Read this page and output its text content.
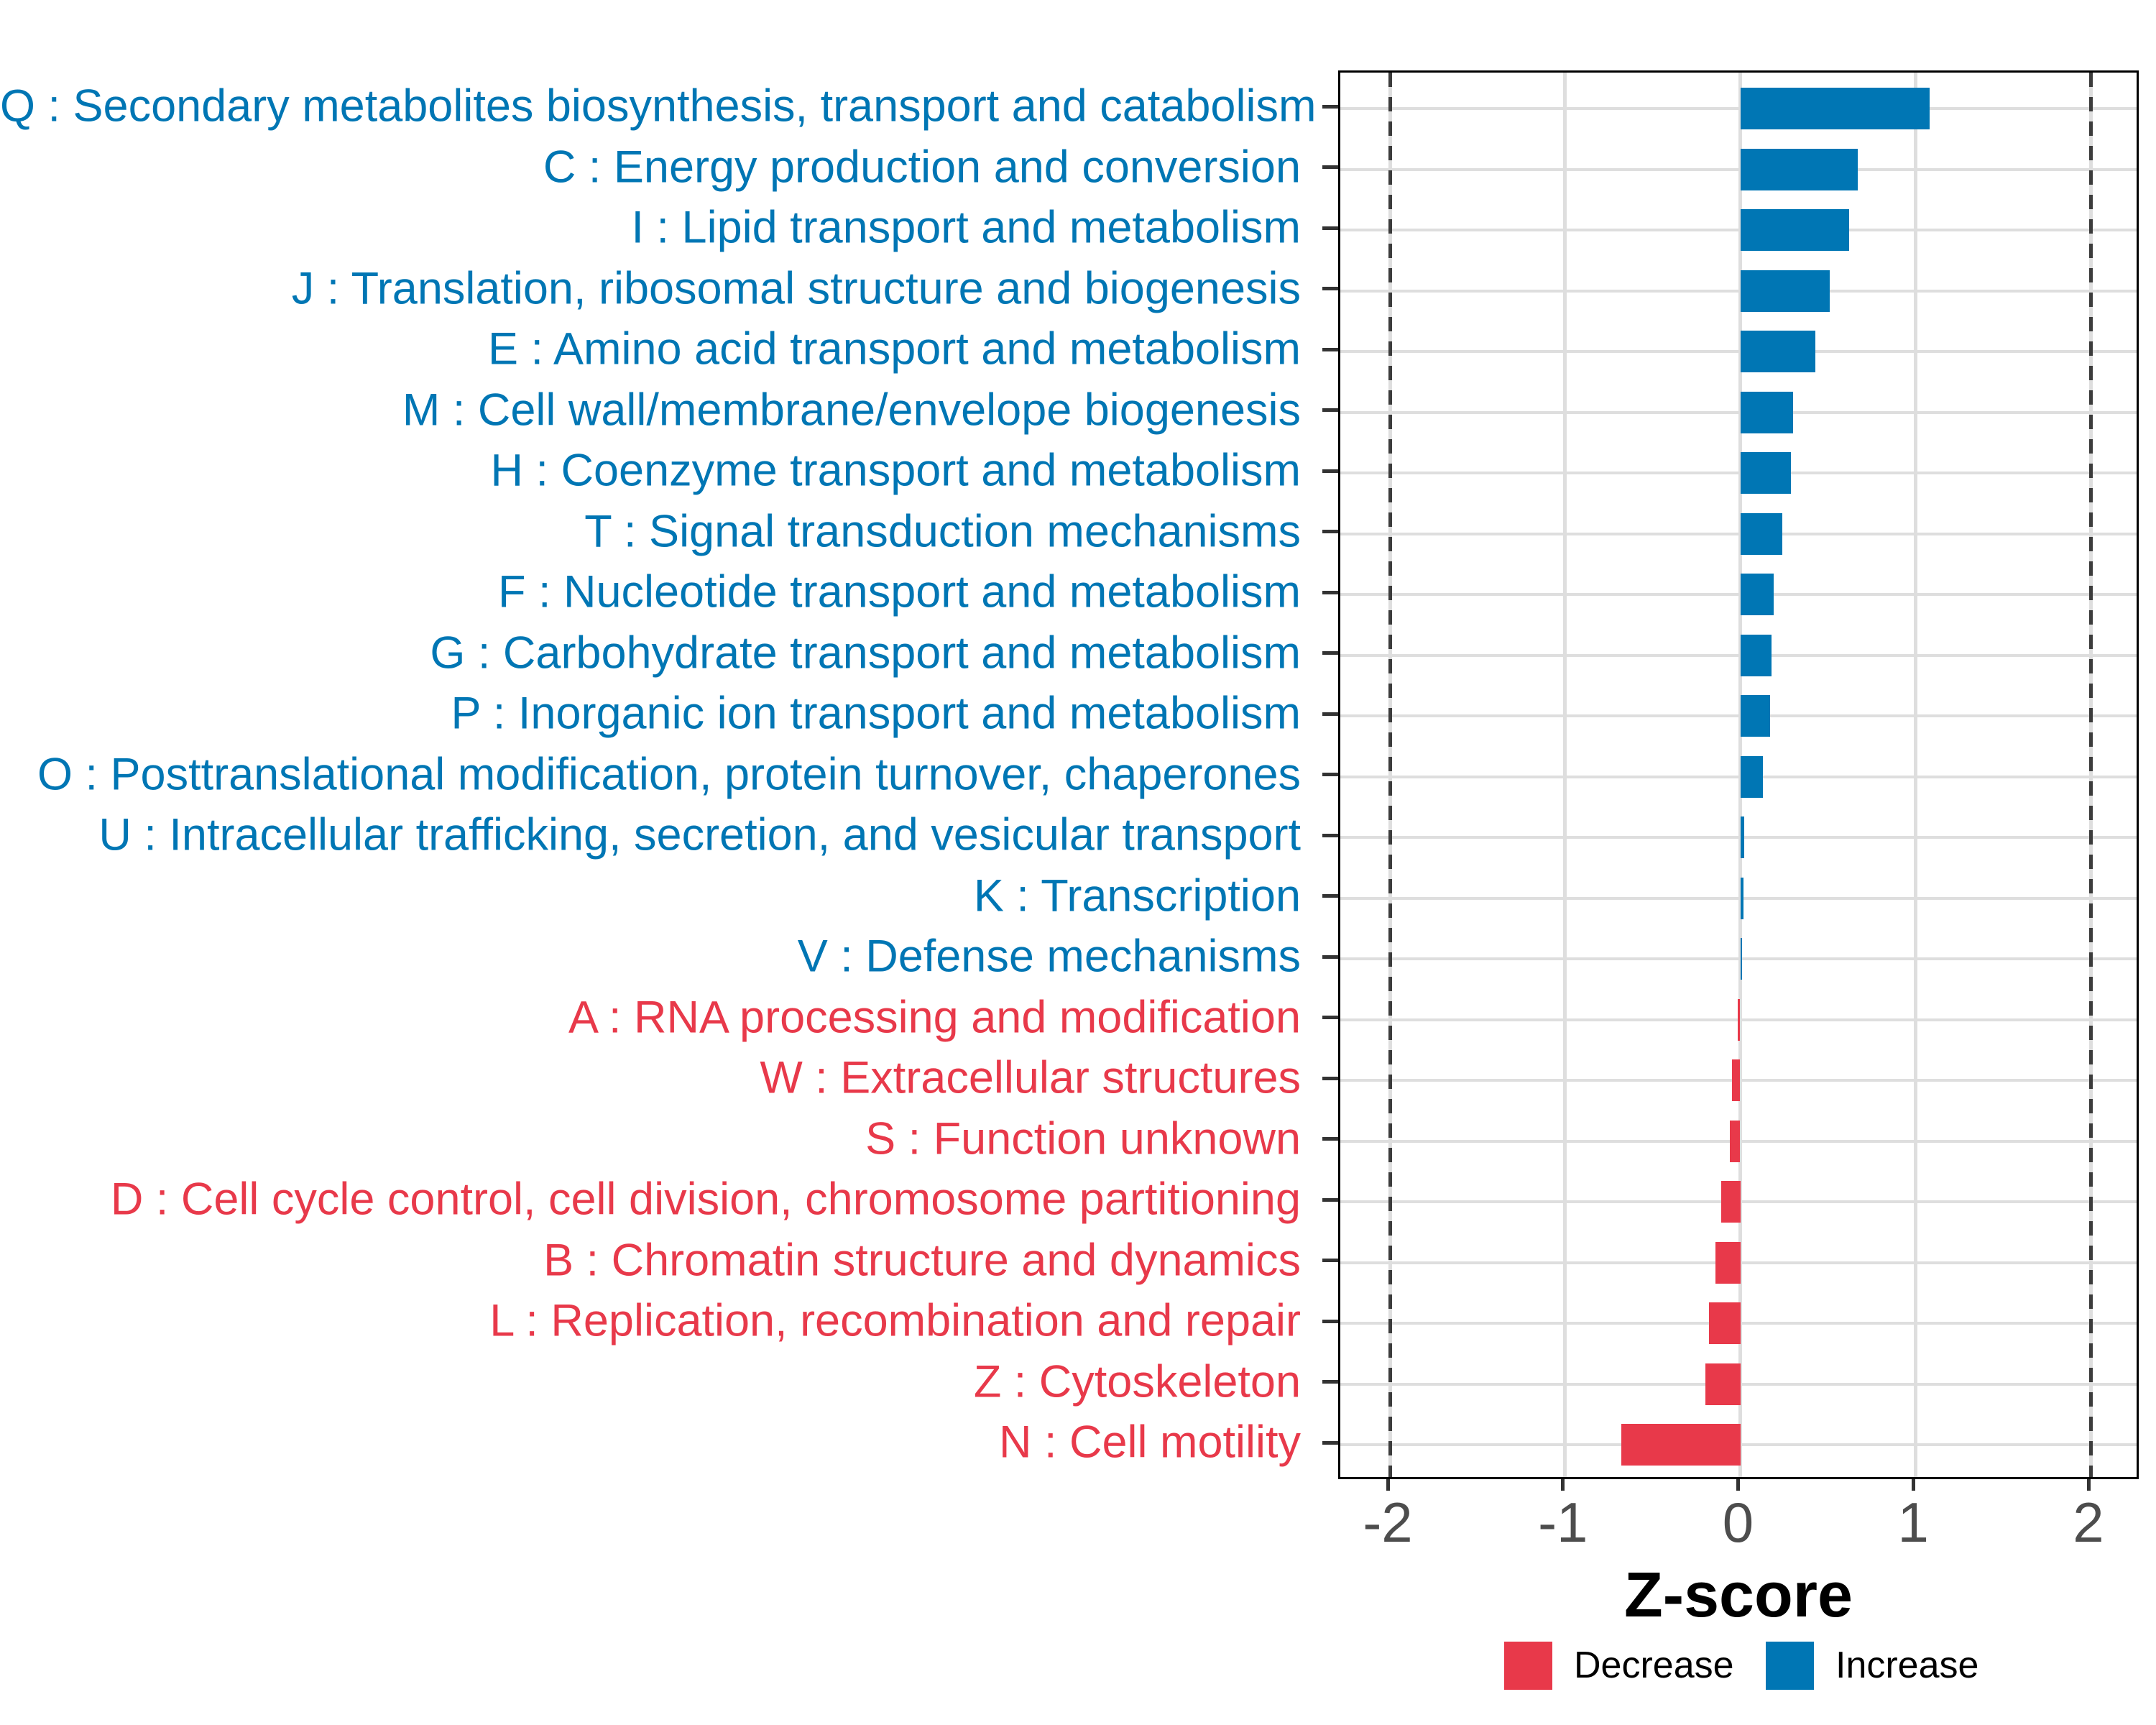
Q : Secondary metabolites biosynthesis, transport and catabolism
C : Energy production and conversion
I : Lipid transport and metabolism
J : Translation, ribosomal structure and biogenesis
E : Amino acid transport and metabolism
M : Cell wall/membrane/envelope biogenesis
H : Coenzyme transport and metabolism
T : Signal transduction mechanisms
F : Nucleotide transport and metabolism
G : Carbohydrate transport and metabolism
P : Inorganic ion transport and metabolism
O : Posttranslational modification, protein turnover, chaperones
U : Intracellular trafficking, secretion, and vesicular transport
K : Transcription
V : Defense mechanisms
A : RNA processing and modification
W : Extracellular structures
S : Function unknown
D : Cell cycle control, cell division, chromosome partitioning
B : Chromatin structure and dynamics
L : Replication, recombination and repair
Z : Cytoskeleton
N : Cell motility
-2 -1 0	1	2
Z-score
Decrease	Increase
